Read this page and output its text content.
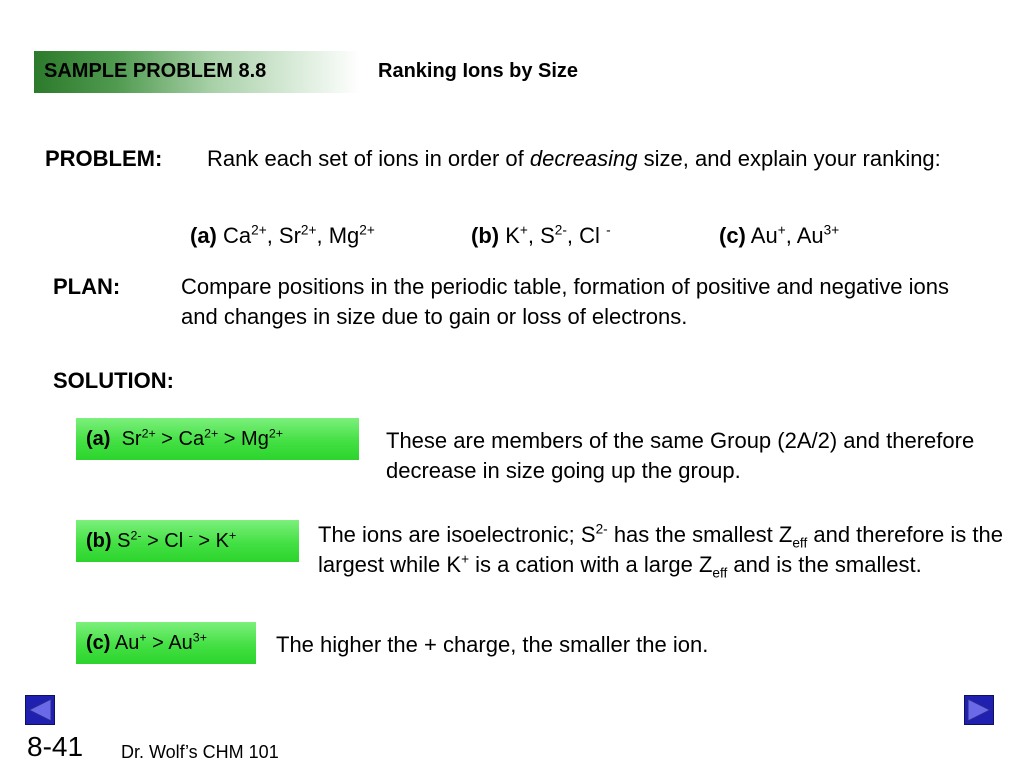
SAMPLE PROBLEM 8.8	Ranking Ions by Size
PROBLEM: Rank each set of ions in order of decreasing size, and explain your ranking:
(a) $Ca^{2+}$, $Sr^{2+}$, $Mg^{2+}$	(b) K+, $S^{2-}$, Cl -	(c) Au+, $Au^{3+}$
PLAN:	Compare positions in the periodic table, formation of positive and negative ions and changes in size due to gain or loss of electrons.
SOLUTION:
(a) $Sr^{2+} > Ca^{2+} > Mg^{2+}$	These are members of the same Group (2A/2) and therefore decrease in size going up the group.
(b) $S^{2-} > Cl$ - > K+	The ions are isoelectronic; $S^{2-}$ has the smallest $Z_{eff}$ and therefore is the largest while K+ is a cation with a large $Z_{eff}$ and is the smallest.
(c) $Au^+ > Au^{3+}$	The higher the + charge, the smaller the ion.
8-41 Dr. Wolf’s CHM 101
